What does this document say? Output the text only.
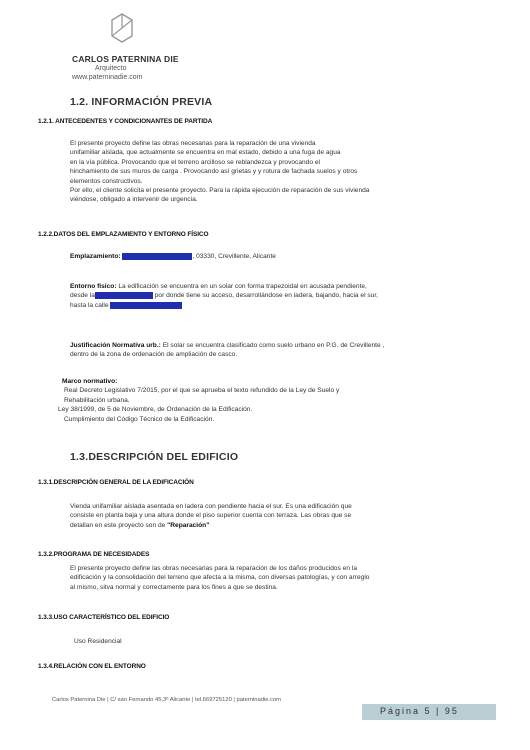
CARLOS PATERNINA DIE
Arquitecto
www.paterninadie.com
1.2. INFORMACIÓN PREVIA
1.2.1. ANTECEDENTES Y CONDICIONANTES DE PARTIDA
El presente proyecto define las obras necesarias para la reparación de una vivienda
unifamiliar aislada, que actualmente se encuentra en mal estado, debido a una fuga de agua
en la vía pública. Provocando que el terreno arcilloso se reblandezca y provocando el
hinchamiento de sus muros de carga . Provocando así grietas y y rotura de fachada suelos y otros
elementos constructivos.
Por ello, el cliente solicita el presente proyecto. Para la rápida ejecución de reparación de sus vivienda
viéndose, obligado a intervenir de urgencia.
1.2.2.DATOS DEL EMPLAZAMIENTO Y ENTORNO FÍSICO
Emplazamiento:	, 03330, Crevillente, Alicante
Entorno físico: La edificación se encuentra en un solar con forma trapezoidal en acusada pendiente,
desde la	por donde tiene su acceso, desarrollándose en ladera, bajando, hacia el sur,
hasta la calle
Justificación Normativa urb.: El solar se encuentra clasificado como suelo urbano en P.G. de Crevillente ,
dentro de la zona de ordenación de ampliación de casco.
Marco normativo:
Real Decreto Legislativo 7/2015, por el que se aprueba el texto refundido de la Ley de Suelo y
Rehabilitación urbana.
Ley 38/1999, de 5 de Noviembre, de Ordenación de la Edificación.
Cumplimiento del Código Técnico de la Edificación.
1.3.DESCRIPCIÓN DEL EDIFICIO
1.3.1.DESCRIPCIÓN GENERAL DE LA EDIFICACIÓN
Vienda unifamiliar aislada asentada en ladera con pendiente hacia el sur. Es una edificación que
consiste en planta baja y una altura donde el piso superior cuenta con terraza. Las obras que se
detallan en este proyecto son de "Reparación"
1.3.2.PROGRAMA DE NECESIDADES
El presente proyecto define las obras necesarias para la reparación de los daños producidos en la
edificación y la consolidación del terreno que afecta a la misma, con diversas patologías, y con arreglo
al mismo, sitva normal y correctamente para los fines a que se destina.
1.3.3.USO CARACTERÍSTICO DEL EDIFICIO
Uso Residencial
1.3.4.RELACIÓN CON EL ENTORNO
Carlos Paternina Die | C/ san Fernando 45,3º Alicante | tel.669725120 | paterninadie.com
Página 5 | 95
